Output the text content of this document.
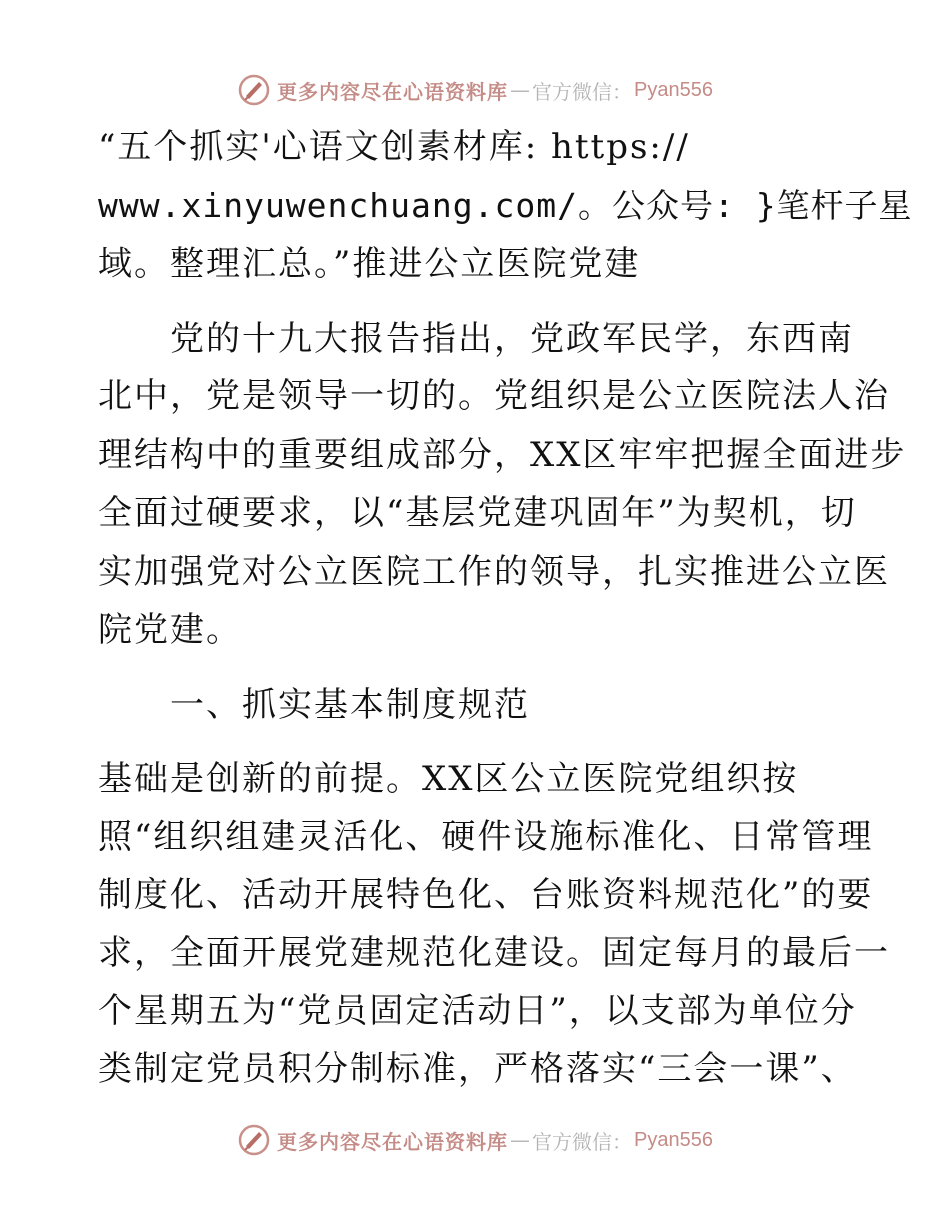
更多内容尽在心语资料库 — 官方微信： Pyan556
“五个抓实'心语文创素材库: https://
www.xinyuwenchuang.com/。公众号: }笔杆子星
域。整理汇总。”推进公立医院党建
　　党的十九大报告指出，党政军民学，东西南
北中，党是领导一切的。党组织是公立医院法人治
理结构中的重要组成部分，XX区牢牢把握全面进步
全面过硬要求，以“基层党建巩固年”为契机，切
实加强党对公立医院工作的领导，扎实推进公立医
院党建。
　　一、抓实基本制度规范
基础是创新的前提。XX区公立医院党组织按
照“组织组建灵活化、硬件设施标准化、日常管理
制度化、活动开展特色化、台账资料规范化”的要
求，全面开展党建规范化建设。固定每月的最后一
个星期五为“党员固定活动日”，以支部为单位分
类制定党员积分制标准，严格落实“三会一课”、
更多内容尽在心语资料库 — 官方微信： Pyan556
